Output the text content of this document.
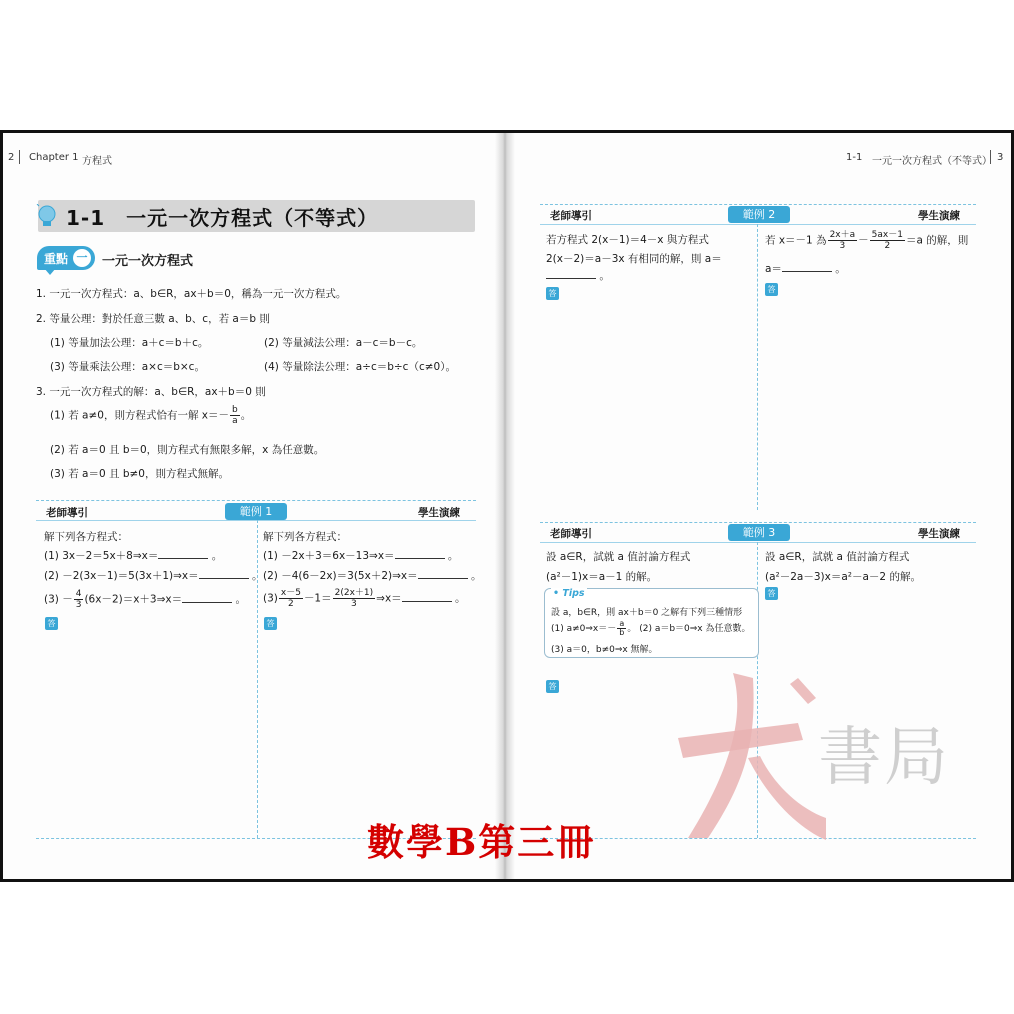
2 Chapter 1 方程式	1-1 一元一次方程式（不等式） 3
1-1　 一元一次方程式（不等式）
重點 一 一元一次方程式
1. 一元一次方程式：a、b∈R，ax＋b＝0，稱為一元一次方程式。
2. 等量公理：對於任意三數 a、b、c，若 a＝b 則
(1) 等量加法公理：a＋c＝b＋c。	(2) 等量減法公理：a－c＝b－c。
(3) 等量乘法公理：a×c＝b×c。	(4) 等量除法公理：a÷c＝b÷c（c≠0）。
3. 一元一次方程式的解：a、b∈R，ax＋b＝0 則
(1) 若 a≠0，則方程式恰有一解 $x=- \frac{b}{a}$ 。
(2) 若 a＝0 且 b＝0，則方程式有無限多解，x 為任意數。
(3) 若 a＝0 且 b≠0，則方程式無解。
老師導引	範例 1	學生演練
解下列各方程式：
(1) 3x－2＝5x＋8⇒x＝	。
(2) －2(3x－1)＝5(3x＋1)⇒x＝	。
$(3) - \frac{4}{3}$ (6x－2)＝x＋3⇒x＝	。
答
解下列各方程式：
(1) －2x＋3＝6x－13⇒x＝	。
(2) －4(6－2x)＝3(5x＋2)⇒x＝	。
$(3) \frac{x-5}{2} -1= \frac{2(2x+1)}{3}$ ⇒x＝	。
答
老師導引	範例 2	學生演練
若方程式 2(x－1)＝4－x 與方程式
2(x－2)＝a－3x 有相同的解，則 a＝
。
答
若 x＝－1 為 $\frac{2x+a}{3} - \frac{5ax-1}{2} =a$ 的解，則
a＝	。
答
老師導引	範例 3	學生演練
設 a∈R，試就 a 值討論方程式
(a²－1)x＝a－1 的解。
設 a∈R，試就 a 值討論方程式
(a²－2a－3)x＝a²－a－2 的解。
答
• Tips
設 a，b∈R，則 ax＋b＝0 之解有下列三種情形
(1) a≠0⇒x＝－ $\frac{a}{b}$ 。 (2) a＝b＝0⇒x 為任意數。
(3) a＝0，b≠0⇒x 無解。
答
書局
數學B第三冊
